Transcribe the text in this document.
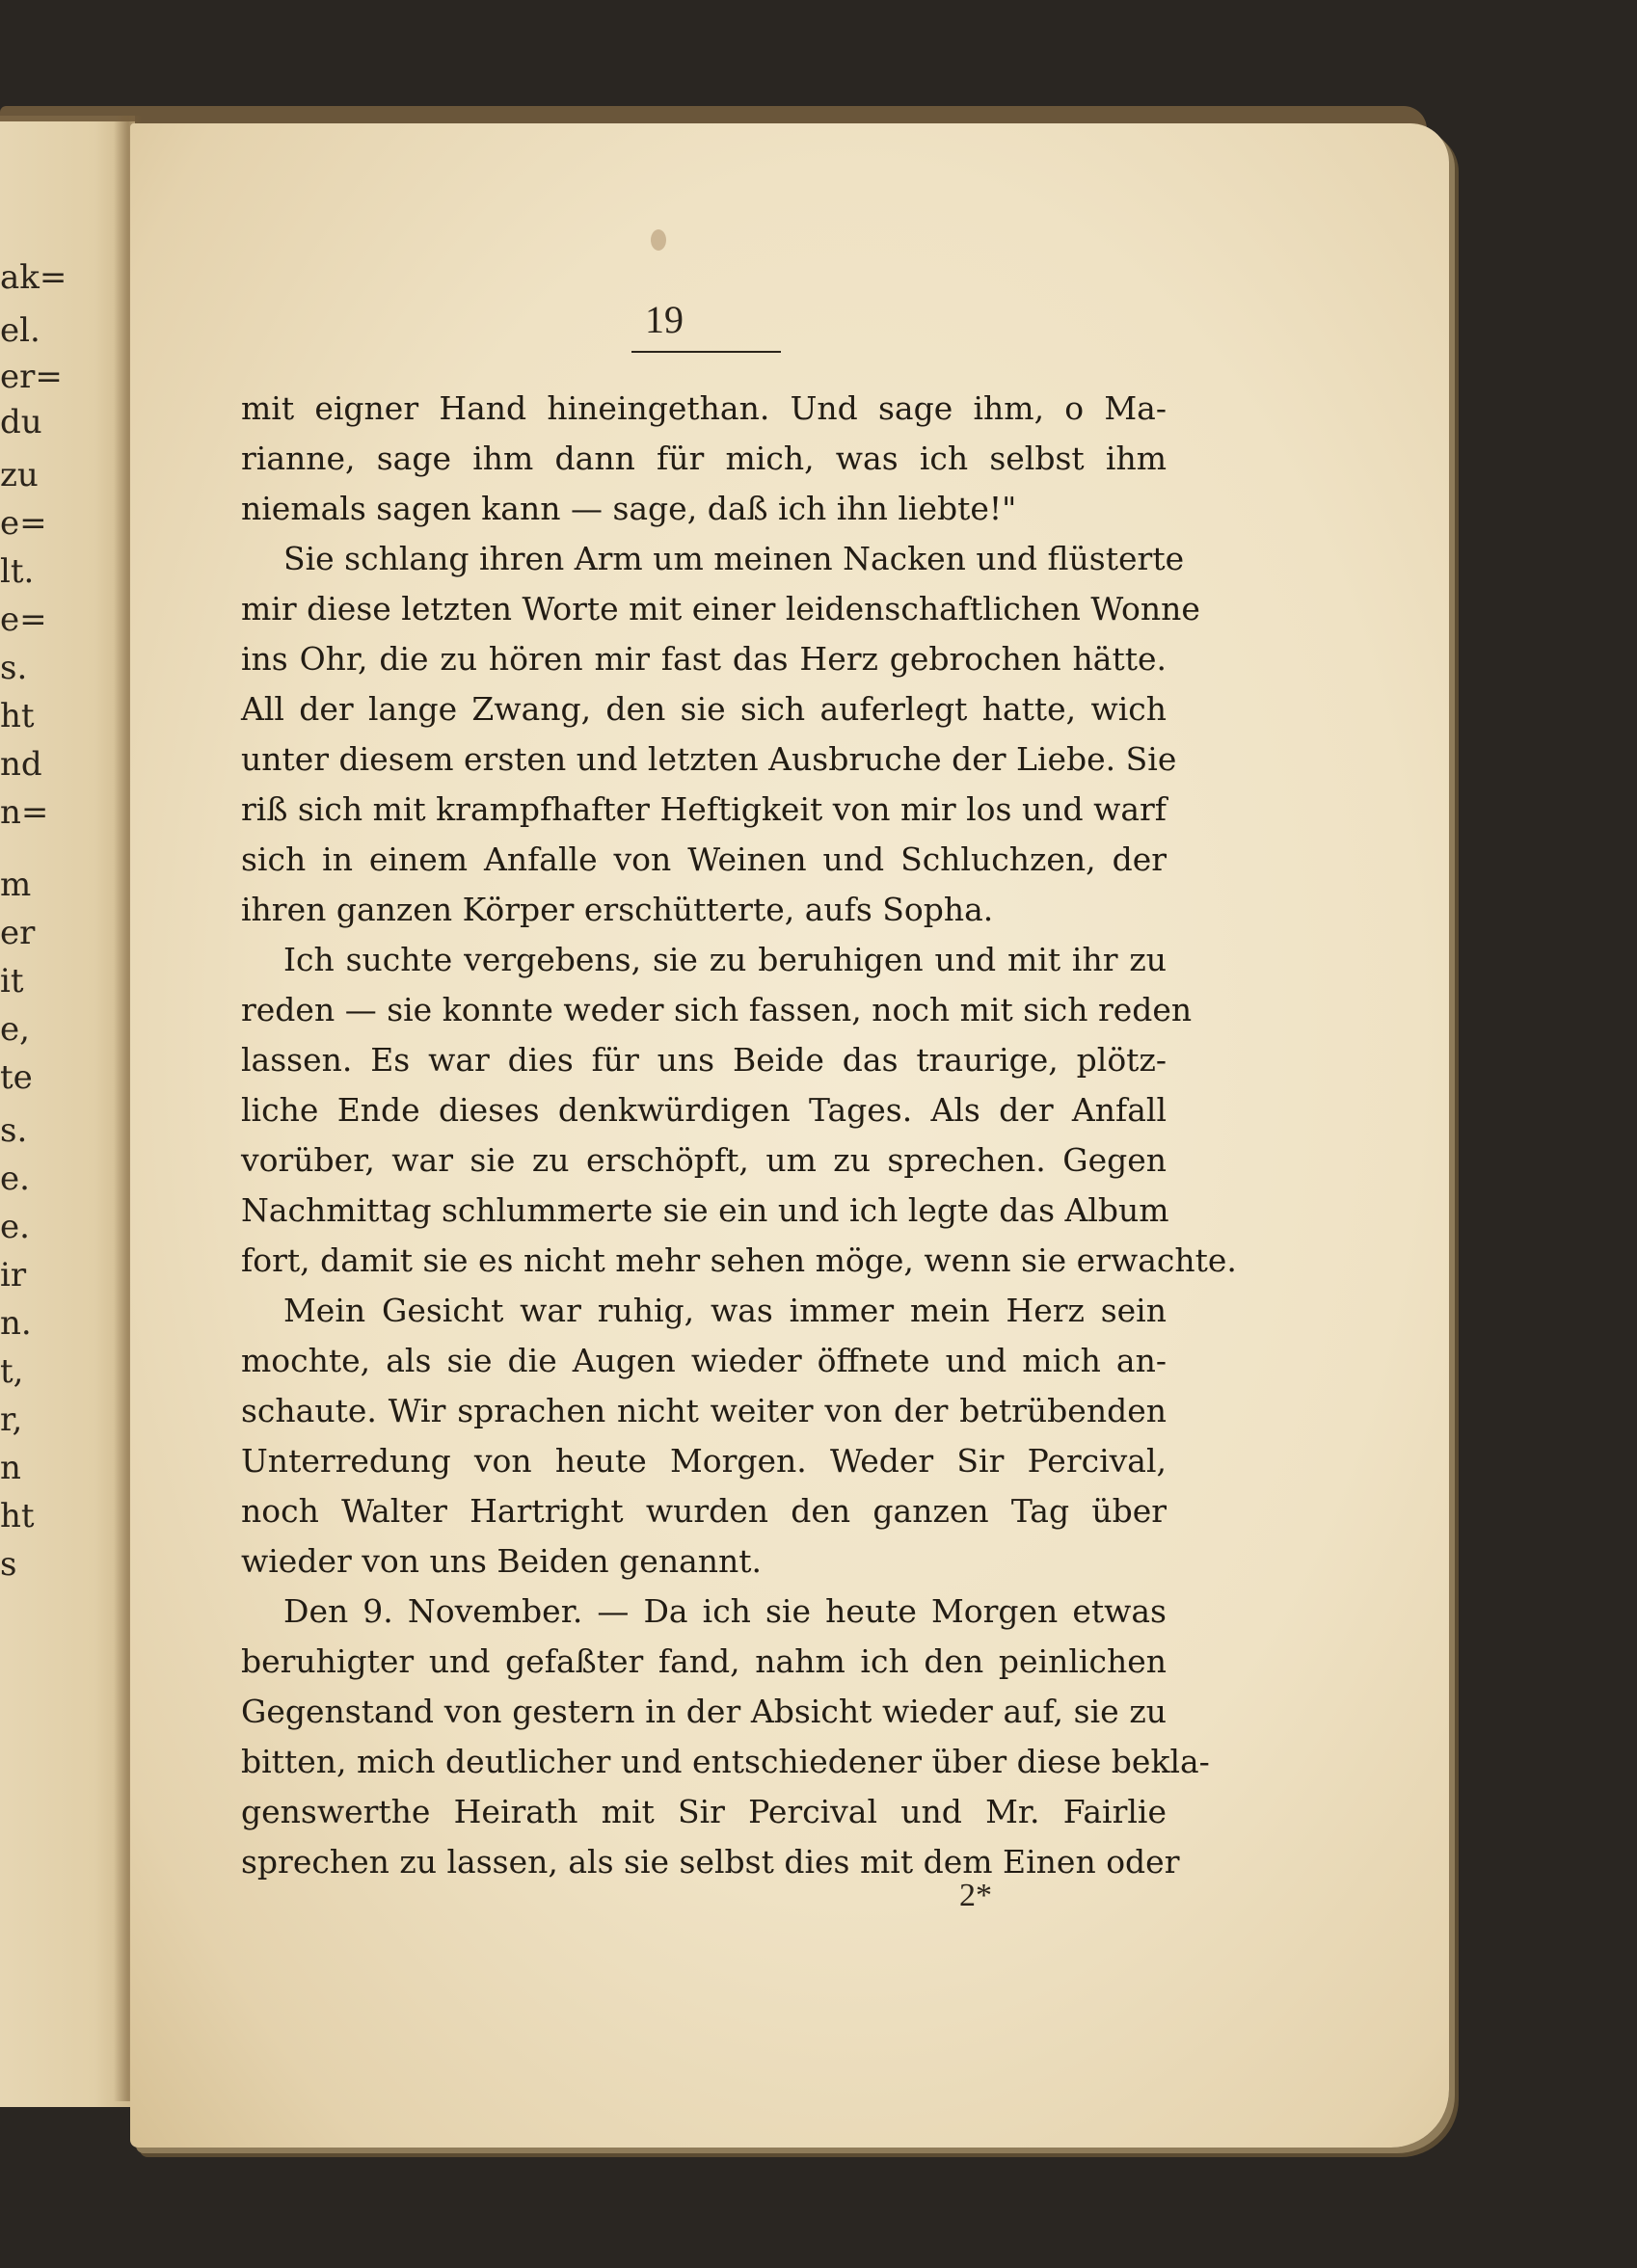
ak=
el.
er=
du
zu
e=
lt.
e=
s.
ht
nd
n=
m
er
it
e,
te
s.
e.
e.
ir
n.
t,
r,
n
ht
s
19
mit eigner Hand hineingethan. Und sage ihm, o Ma-
rianne, sage ihm dann für mich, was ich selbst ihm
niemals sagen kann — sage, daß ich ihn liebte!"
Sie schlang ihren Arm um meinen Nacken und flüsterte
mir diese letzten Worte mit einer leidenschaftlichen Wonne
ins Ohr, die zu hören mir fast das Herz gebrochen hätte.
All der lange Zwang, den sie sich auferlegt hatte, wich
unter diesem ersten und letzten Ausbruche der Liebe. Sie
riß sich mit krampfhafter Heftigkeit von mir los und warf
sich in einem Anfalle von Weinen und Schluchzen, der
ihren ganzen Körper erschütterte, aufs Sopha.
Ich suchte vergebens, sie zu beruhigen und mit ihr zu
reden — sie konnte weder sich fassen, noch mit sich reden
lassen. Es war dies für uns Beide das traurige, plötz-
liche Ende dieses denkwürdigen Tages. Als der Anfall
vorüber, war sie zu erschöpft, um zu sprechen. Gegen
Nachmittag schlummerte sie ein und ich legte das Album
fort, damit sie es nicht mehr sehen möge, wenn sie erwachte.
Mein Gesicht war ruhig, was immer mein Herz sein
mochte, als sie die Augen wieder öffnete und mich an-
schaute. Wir sprachen nicht weiter von der betrübenden
Unterredung von heute Morgen. Weder Sir Percival,
noch Walter Hartright wurden den ganzen Tag über
wieder von uns Beiden genannt.
Den 9. November. — Da ich sie heute Morgen etwas
beruhigter und gefaßter fand, nahm ich den peinlichen
Gegenstand von gestern in der Absicht wieder auf, sie zu
bitten, mich deutlicher und entschiedener über diese bekla-
genswerthe Heirath mit Sir Percival und Mr. Fairlie
sprechen zu lassen, als sie selbst dies mit dem Einen oder
2*
